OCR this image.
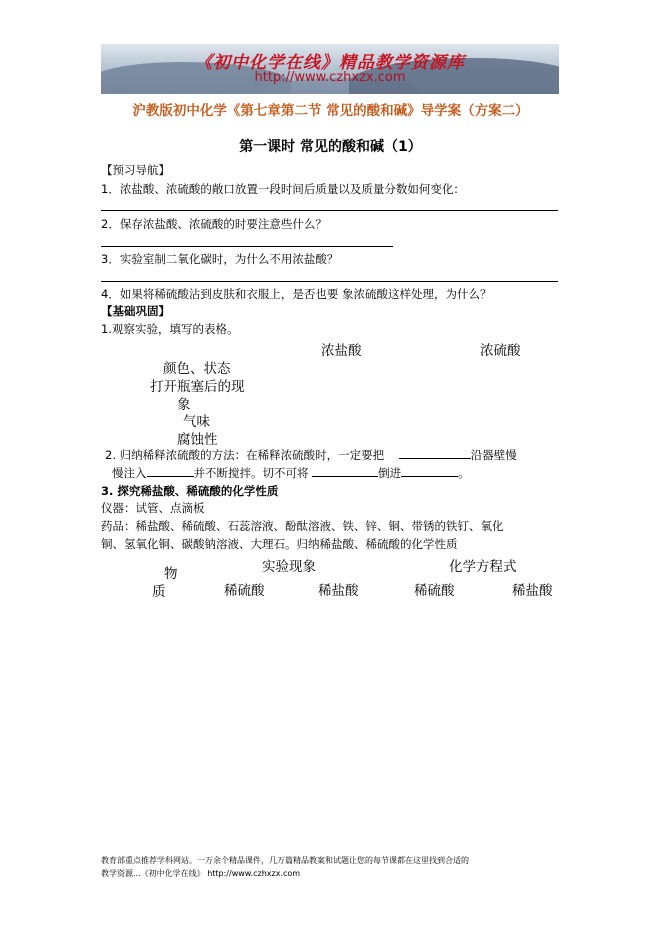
《初中化学在线》精品教学资源库
http://www.czhxzx.com
沪教版初中化学《第七章第二节 常见的酸和碱》导学案（方案二）
第一课时 常见的酸和碱（1）
【预习导航】
1．浓盐酸、浓硫酸的敞口放置一段时间后质量以及质量分数如何变化：
2．保存浓盐酸、浓硫酸的时要注意些什么？
3．实验室制二氧化碳时，为什么不用浓盐酸？
4．如果将稀硫酸沾到皮肤和衣服上，是否也要 象浓硫酸这样处理，为什么？
【基础巩固】
1.观察实验，填写的表格。
浓盐酸	浓硫酸
颜色、状态
打开瓶塞后的现
象
气味
腐蚀性
2. 归纳稀释浓硫酸的方法：在稀释浓硫酸时，一定要把	沿器壁慢
慢注入	并不断搅拌。切不可将	倒进	。
3. 探究稀盐酸、稀硫酸的化学性质
仪器：试管、点滴板
药品：稀盐酸、稀硫酸、石蕊溶液、酚酞溶液、铁、锌、铜、带锈的铁钉、氧化
铜、氢氧化铜、碳酸钠溶液、大理石。归纳稀盐酸、稀硫酸的化学性质
实验现象	化学方程式
物
质	稀硫酸	稀盐酸	稀硫酸	稀盐酸
教育部重点推荐学科网站。一万余个精品课件，几万篇精品教案和试题让您的每节课都在这里找到合适的
教学资源...《初中化学在线》 http://www.czhxzx.com
